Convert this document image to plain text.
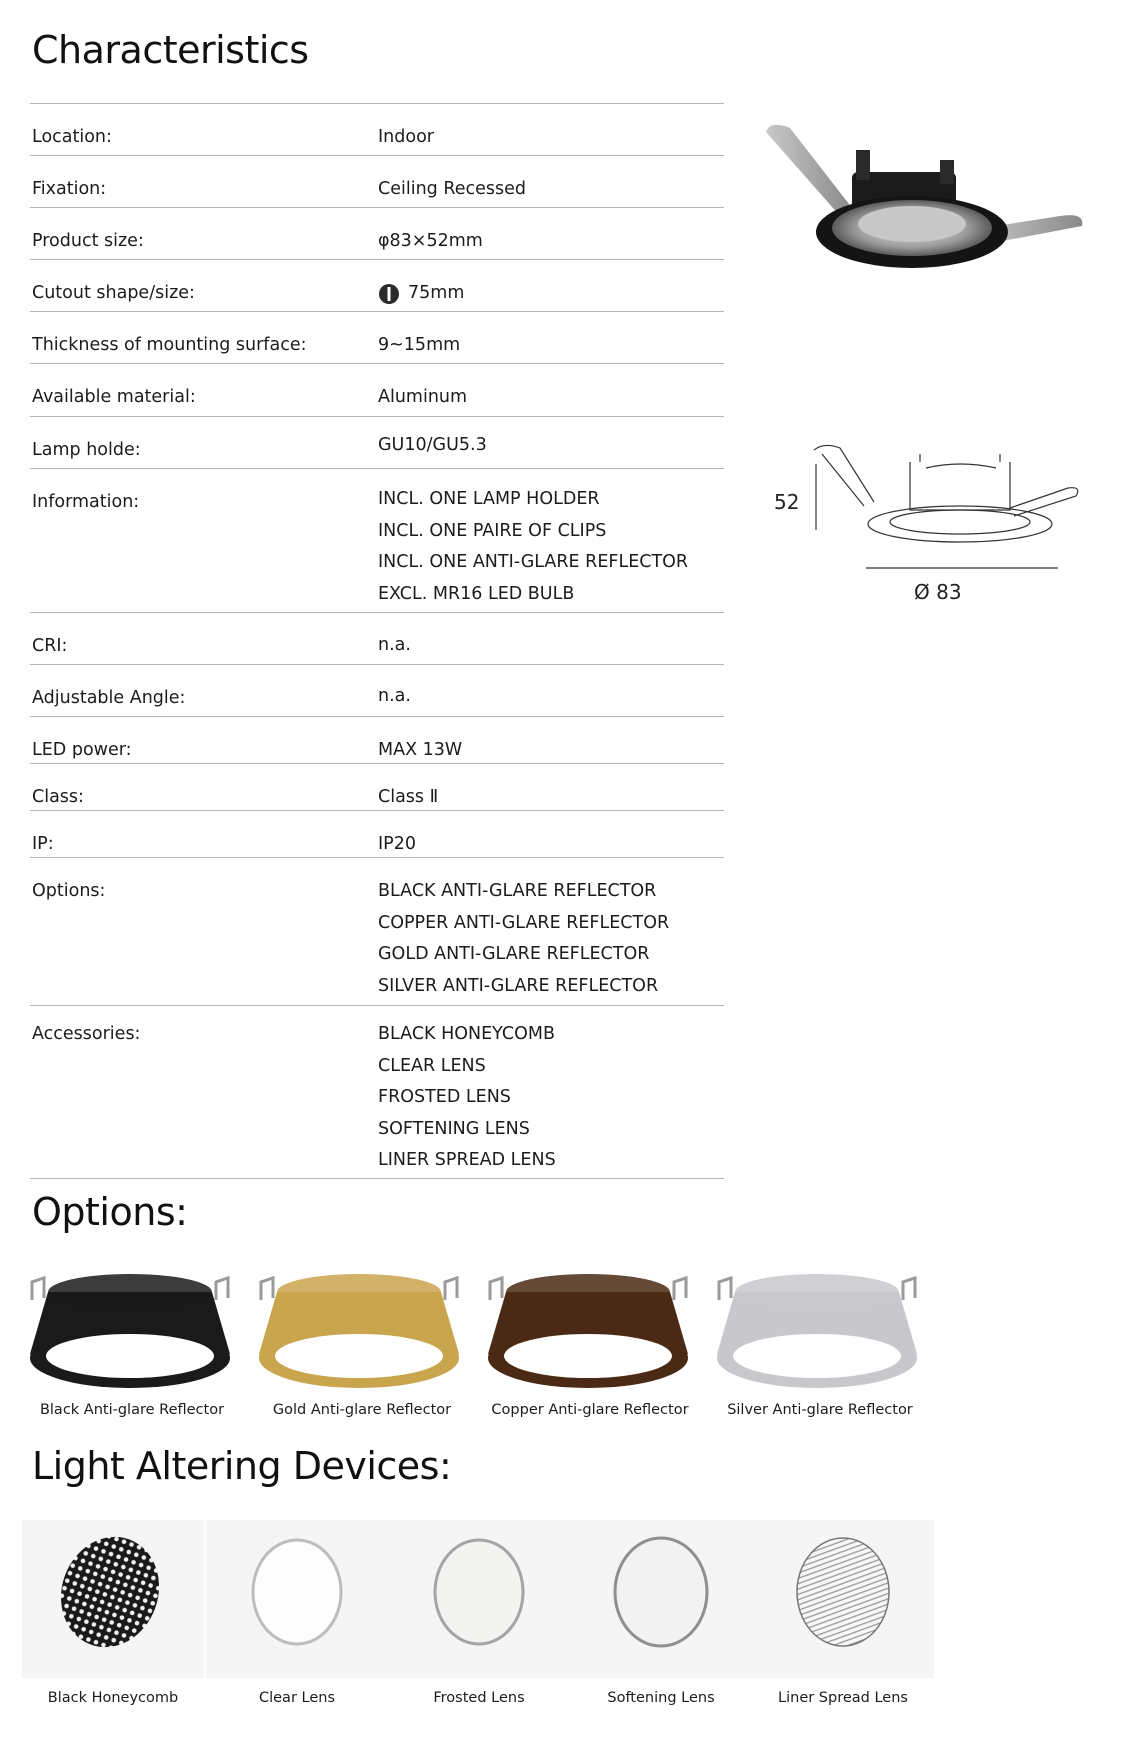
Characteristics
Location:	Indoor
Fixation:	Ceiling Recessed
Product size:	φ83×52mm
Cutout shape/size:	75mm
Thickness of mounting surface:	9~15mm
Available material:	Aluminum
Lamp holde:	GU10/GU5.3
Information:	INCL. ONE LAMP HOLDER
INCL. ONE PAIRE OF CLIPS
INCL. ONE ANTI-GLARE REFLECTOR
EXCL. MR16 LED BULB
CRI:	n.a.
Adjustable Angle:	n.a.
LED power:	MAX 13W
Class:	Class Ⅱ
IP:	IP20
Options:	BLACK ANTI-GLARE REFLECTOR
COPPER ANTI-GLARE REFLECTOR
GOLD ANTI-GLARE REFLECTOR
SILVER ANTI-GLARE REFLECTOR
Accessories:	BLACK HONEYCOMB
CLEAR LENS
FROSTED LENS
SOFTENING LENS
LINER SPREAD LENS
52
Ø 83
Options:
Black Anti-glare Reflector	Gold Anti-glare Reflector	Copper Anti-glare Reflector	Silver Anti-glare Reflector
Light Altering Devices:
Black Honeycomb	Clear Lens	Frosted Lens	Softening Lens	Liner Spread Lens
